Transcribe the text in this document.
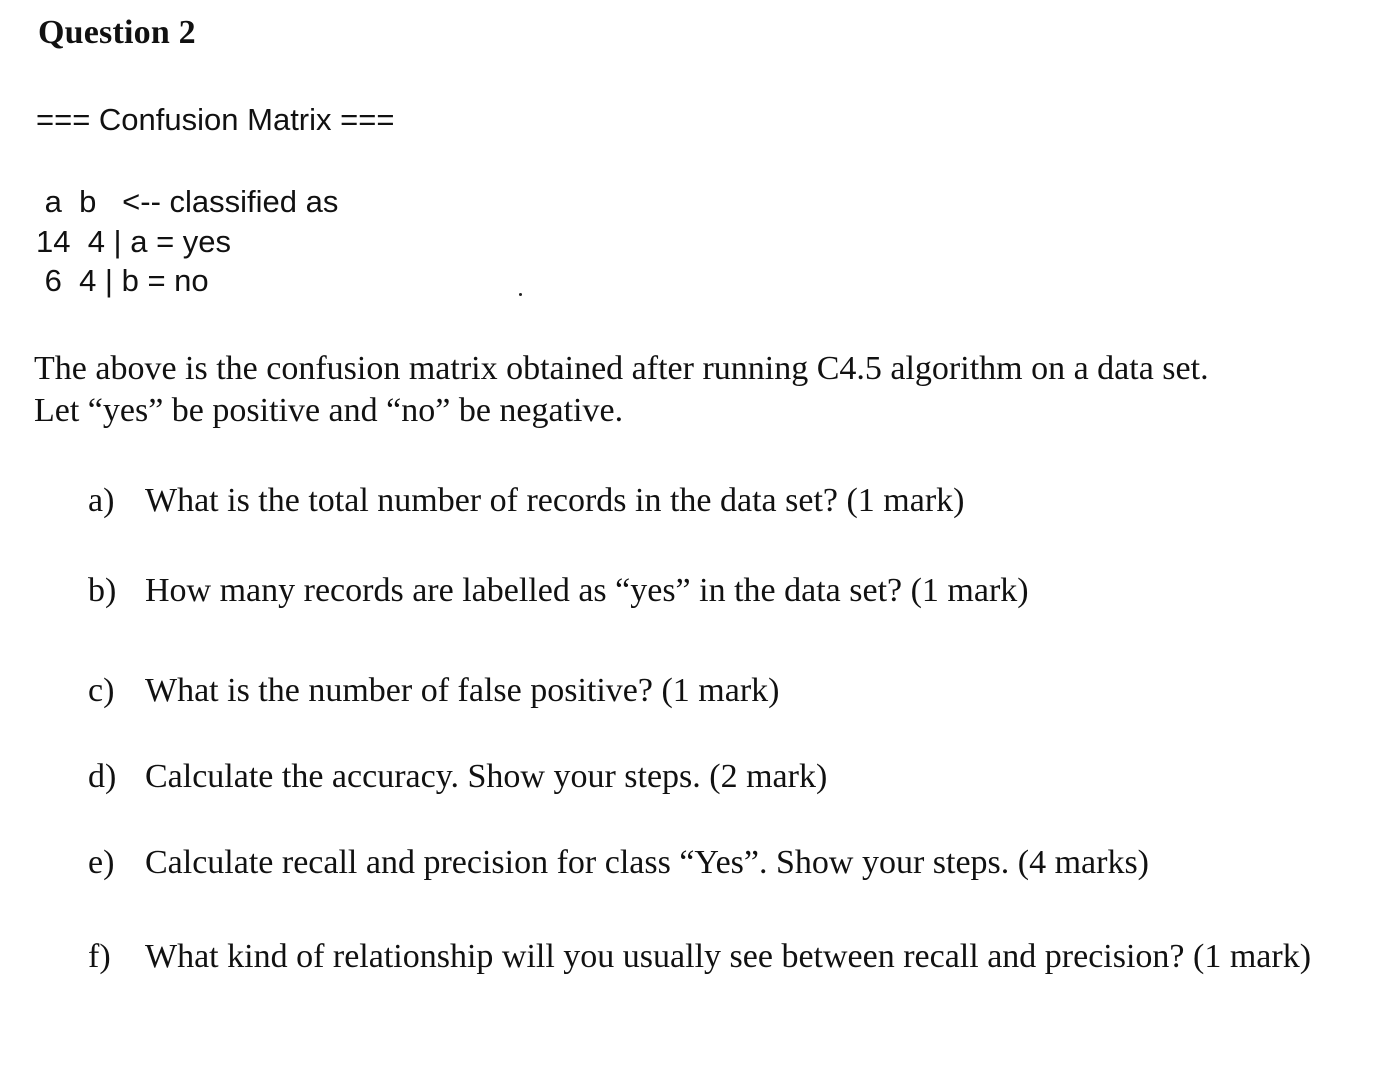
Question 2
=== Confusion Matrix ===
a  b   <-- classified as
14  4 | a = yes
6  4 | b = no
The above is the confusion matrix obtained after running C4.5 algorithm on a data set.
Let “yes” be positive and “no” be negative.
a) What is the total number of records in the data set? (1 mark)
b) How many records are labelled as “yes” in the data set? (1 mark)
c) What is the number of false positive? (1 mark)
d) Calculate the accuracy. Show your steps. (2 mark)
e) Calculate recall and precision for class “Yes”. Show your steps. (4 marks)
f)	What kind of relationship will you usually see between recall and precision? (1 mark)
